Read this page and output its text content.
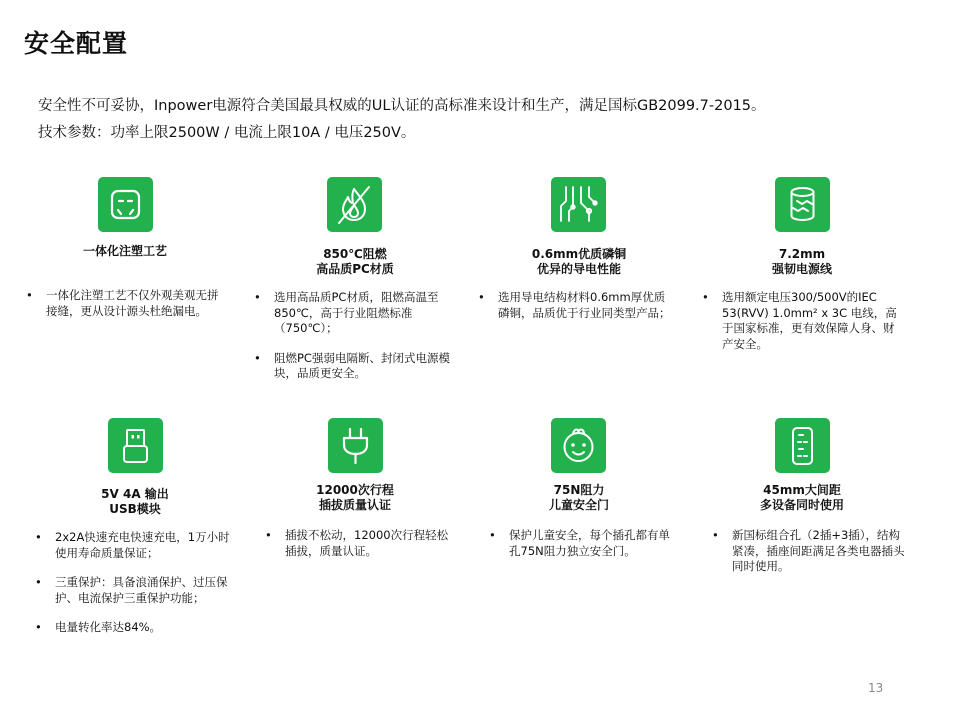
安全配置
安全性不可妥协，Inpower电源符合美国最具权威的UL认证的高标准来设计和生产，满足国标GB2099.7-2015。
技术参数：功率上限2500W / 电流上限10A / 电压250V。
一体化注塑工艺	850℃阻燃
高品质PC材质
0.6mm优质磷铜
优异的导电性能
7.2mm
强韧电源线
• 一体化注塑工艺不仅外观美观无拼接缝，更从设计源头杜绝漏电。
• 选用高品质PC材质，阻燃高温至850℃，高于行业阻燃标准（750℃）；
• 阻燃PC强弱电隔断、封闭式电源模块，品质更安全。
• 选用导电结构材料0.6mm厚优质磷铜，品质优于行业同类型产品；
• 选用额定电压300/500V的IEC 53(RVV) 1.0mm² x 3C 电线，高于国家标准，更有效保障人身、财产安全。
5V 4A 输出
USB模块
12000次行程
插拔质量认证
75N阻力
儿童安全门
45mm大间距
多设备同时使用
• 2x2A快速充电快速充电，1万小时使用寿命质量保证；
• 三重保护：具备浪涌保护、过压保护、电流保护三重保护功能；
• 电量转化率达84%。
• 插拔不松动，12000次行程轻松插拔，质量认证。
• 保护儿童安全，每个插孔都有单孔75N阻力独立安全门。
• 新国标组合孔（2插+3插），结构紧凑，插座间距满足各类电器插头同时使用。
13
